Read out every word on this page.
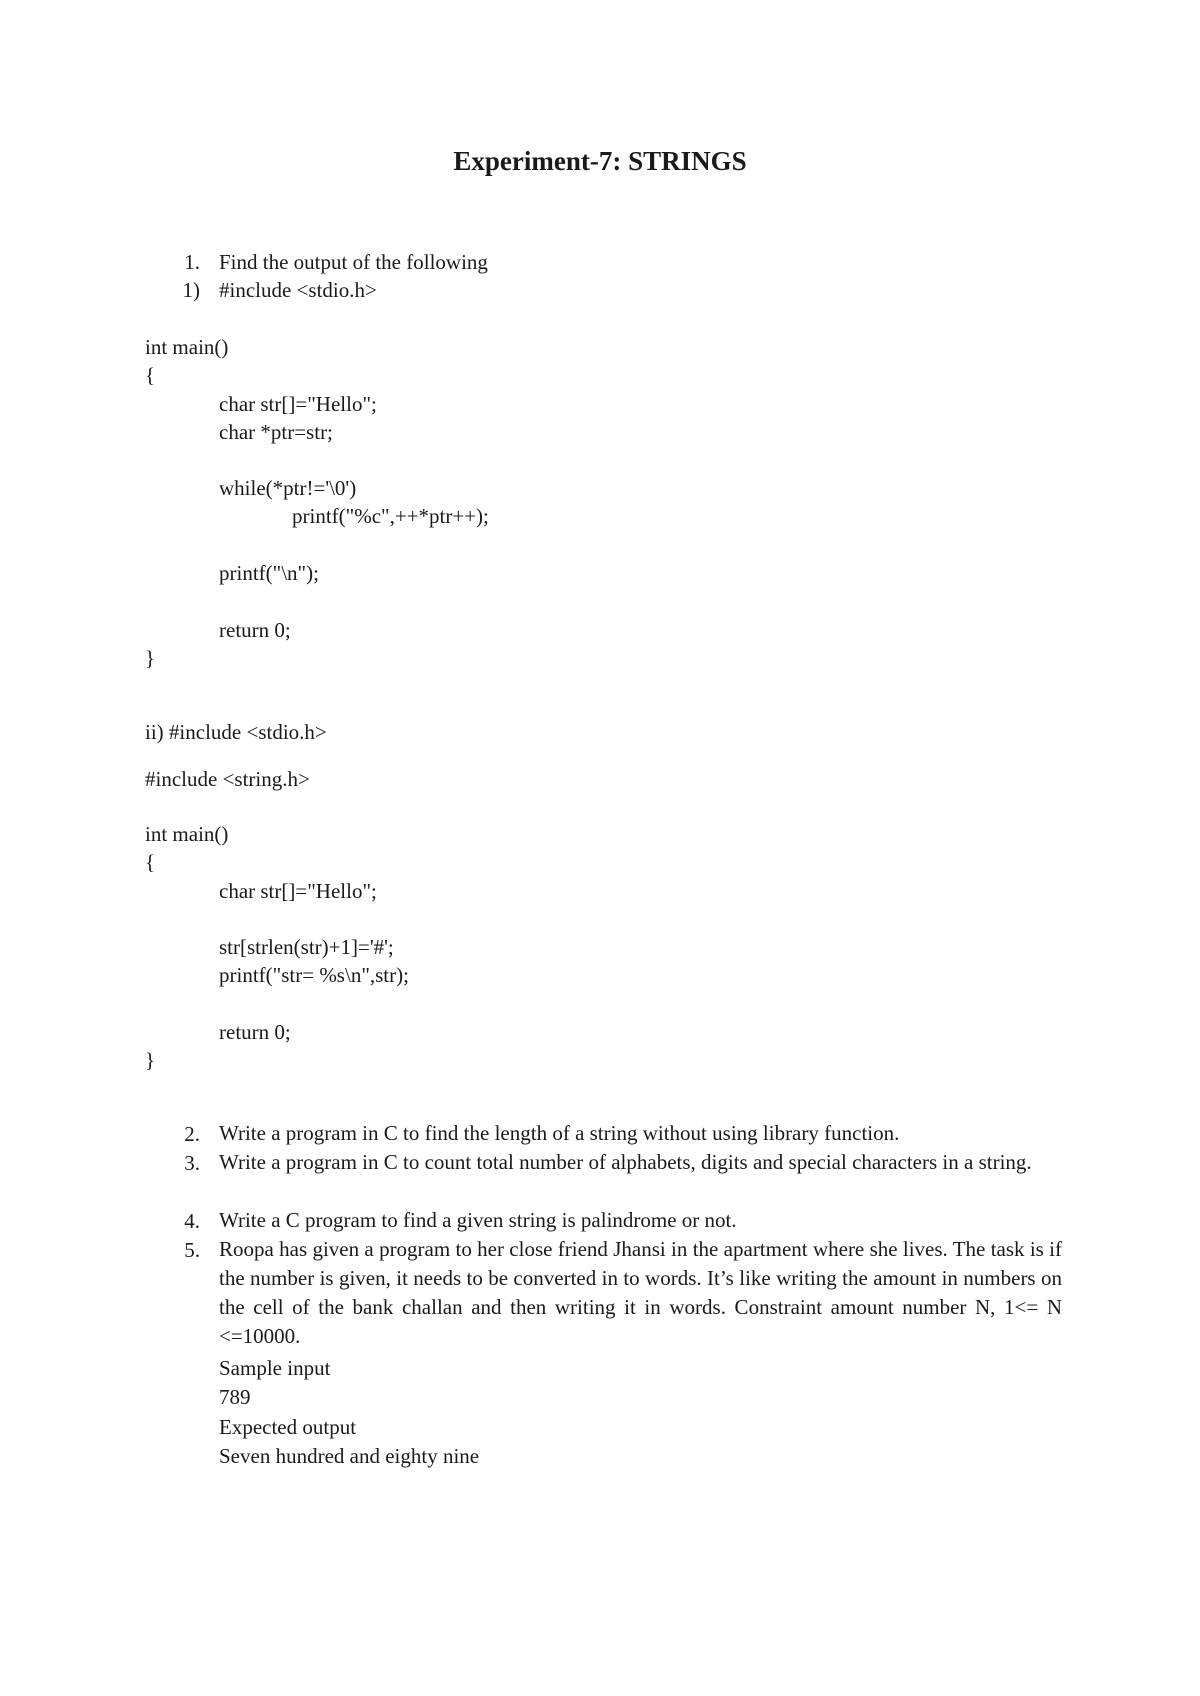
Experiment-7: STRINGS
1. Find the output of the following
1) #include <stdio.h>
int main()
{
char str[]="Hello";
char *ptr=str;
while(*ptr!='\0')
printf("%c",++*ptr++);
printf("\n");
return 0;
}
ii) #include <stdio.h>
#include <string.h>
int main()
{
char str[]="Hello";
str[strlen(str)+1]='#';
printf("str= %s\n",str);
return 0;
}
2. Write a program in C to find the length of a string without using library function.
3. Write a program in C to count total number of alphabets, digits and special characters in a string.
4. Write a C program to find a given string is palindrome or not.
5. Roopa has given a program to her close friend Jhansi in the apartment where she lives. The task is if the number is given, it needs to be converted in to words. It’s like writing the amount in numbers on the cell of the bank challan and then writing it in words. Constraint amount number N, 1<= N <=10000.
Sample input
789
Expected output
Seven hundred and eighty nine
